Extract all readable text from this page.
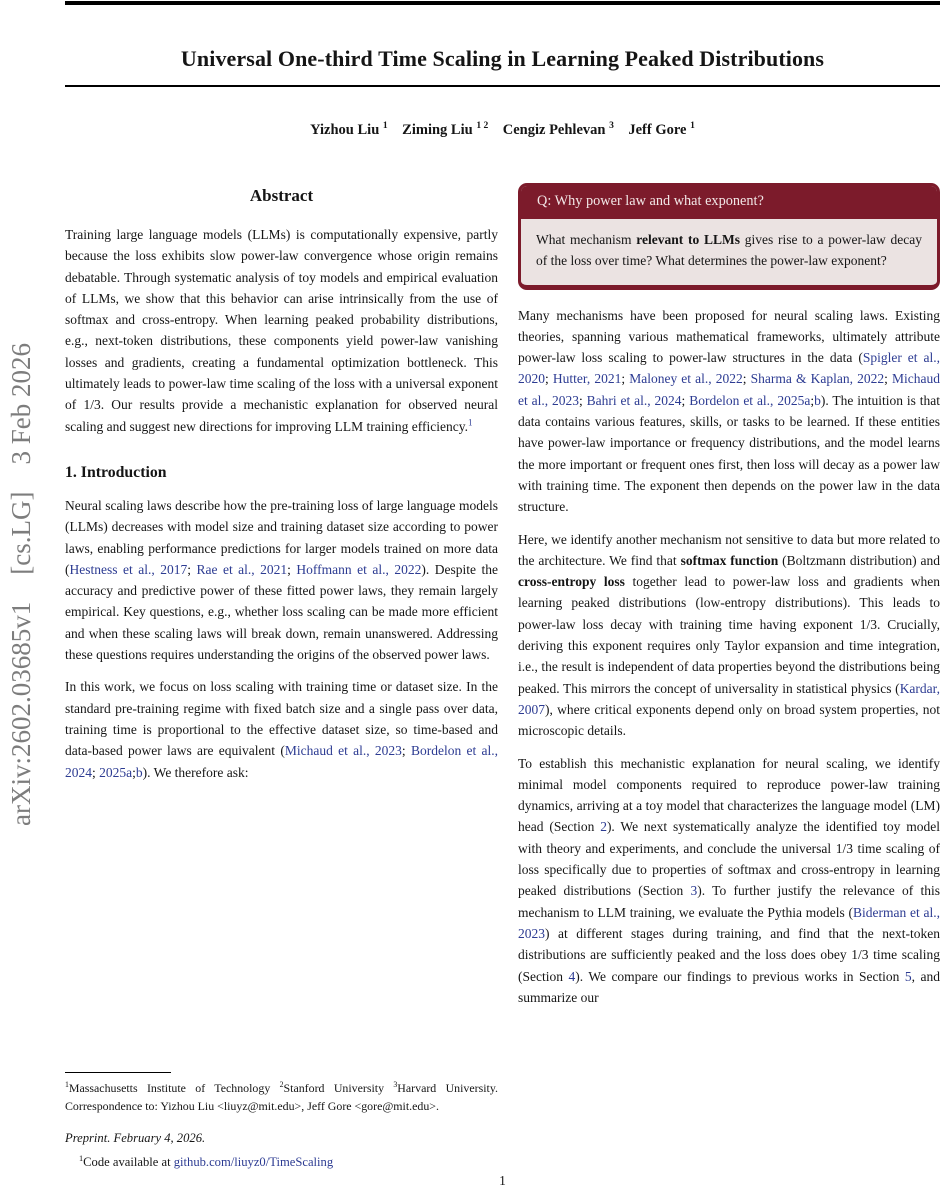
Universal One-third Time Scaling in Learning Peaked Distributions
Yizhou Liu $^1$ Ziming Liu $^{1 2}$ Cengiz Pehlevan $^3$ Jeff Gore $^1$
arXiv:2602.03685v1  [cs.LG]  3 Feb 2026
Abstract

Training large language models (LLMs) is computationally expensive, partly because the loss exhibits slow power-law convergence whose origin remains debatable. Through systematic analysis of toy models and empirical evaluation of LLMs, we show that this behavior can arise intrinsically from the use of softmax and cross-entropy. When learning peaked probability distributions, e.g., next-token distributions, these components yield power-law vanishing losses and gradients, creating a fundamental optimization bottleneck. This ultimately leads to power-law time scaling of the loss with a universal exponent of 1/3. Our results provide a mechanistic explanation for observed neural scaling and suggest new directions for improving LLM training efficiency.$^1$

1. Introduction

Neural scaling laws describe how the pre-training loss of large language models (LLMs) decreases with model size and training dataset size according to power laws, enabling performance predictions for larger models trained on more data (Hestness et al., 2017; Rae et al., 2021; Hoffmann et al., 2022). Despite the accuracy and predictive power of these fitted power laws, they remain largely empirical. Key questions, e.g., whether loss scaling can be made more efficient and when these scaling laws will break down, remain unanswered. Addressing these questions requires understanding the origins of the observed power laws.

In this work, we focus on loss scaling with training time or dataset size. In the standard pre-training regime with fixed batch size and a single pass over data, training time is proportional to the effective dataset size, so time-based and data-based power laws are equivalent (Michaud et al., 2023; Bordelon et al., 2024; 2025a;b). We therefore ask:

$^1$Massachusetts Institute of Technology $^2$Stanford University $^3$Harvard University. Correspondence to: Yizhou Liu <liuyz@mit.edu>, Jeff Gore <gore@mit.edu>.
Preprint. February 4, 2026.
$^1$Code available at github.com/liuyz0/TimeScaling
Q: Why power law and what exponent?
What mechanism relevant to LLMs gives rise to a power-law decay of the loss over time? What determines the power-law exponent?

Many mechanisms have been proposed for neural scaling laws. Existing theories, spanning various mathematical frameworks, ultimately attribute power-law loss scaling to power-law structures in the data (Spigler et al., 2020; Hutter, 2021; Maloney et al., 2022; Sharma & Kaplan, 2022; Michaud et al., 2023; Bahri et al., 2024; Bordelon et al., 2025a;b). The intuition is that data contains various features, skills, or tasks to be learned. If these entities have power-law importance or frequency distributions, and the model learns the more important or frequent ones first, then loss will decay as a power law with training time. The exponent then depends on the power law in the data structure.

Here, we identify another mechanism not sensitive to data but more related to the architecture. We find that softmax function (Boltzmann distribution) and cross-entropy loss together lead to power-law loss and gradients when learning peaked distributions (low-entropy distributions). This leads to power-law loss decay with training time having exponent 1/3. Crucially, deriving this exponent requires only Taylor expansion and time integration, i.e., the result is independent of data properties beyond the distributions being peaked. This mirrors the concept of universality in statistical physics (Kardar, 2007), where critical exponents depend only on broad system properties, not microscopic details.

To establish this mechanistic explanation for neural scaling, we identify minimal model components required to reproduce power-law training dynamics, arriving at a toy model that characterizes the language model (LM) head (Section 2). We next systematically analyze the identified toy model with theory and experiments, and conclude the universal 1/3 time scaling of loss specifically due to properties of softmax and cross-entropy in learning peaked distributions (Section 3). To further justify the relevance of this mechanism to LLM training, we evaluate the Pythia models (Biderman et al., 2023) at different stages during training, and find that the next-token distributions are sufficiently peaked and the loss does obey 1/3 time scaling (Section 4). We compare our findings to previous works in Section 5, and summarize our

1
